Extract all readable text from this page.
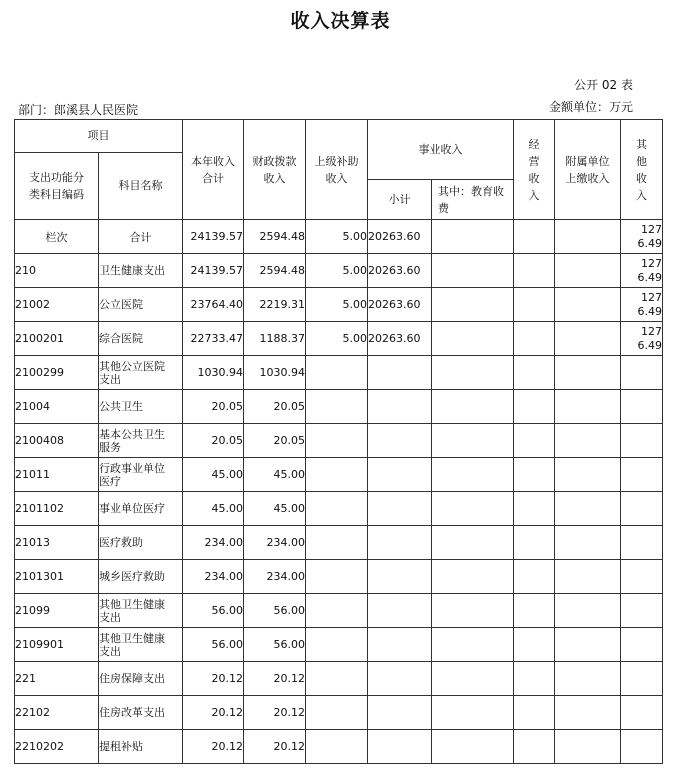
收入决算表
公开 02 表
部门：郎溪县人民医院	金额单位：万元
项目		本年收入合计	财政拨款收入	上级补助收入	事业收入		经营收入	附属单位上缴收入	其他收入

支出功能分类科目编码	科目名称								
					小计	其中：教育收费			

栏次	合计	24139.57	2594.48	5.00	20263.60				1276.49

210	卫生健康支出	24139.57	2594.48	5.00	20263.60				1276.49

21002	公立医院	23764.40	2219.31	5.00	20263.60				1276.49

2100201	综合医院	22733.47	1188.37	5.00	20263.60				1276.49

2100299	其他公立医院支出	1030.94	1030.94						

21004	公共卫生	20.05	20.05						

2100408	基本公共卫生服务	20.05	20.05						

21011	行政事业单位医疗	45.00	45.00						

2101102	事业单位医疗	45.00	45.00						

21013	医疗救助	234.00	234.00						

2101301	城乡医疗救助	234.00	234.00						

21099	其他卫生健康支出	56.00	56.00						

2109901	其他卫生健康支出	56.00	56.00						

221	住房保障支出	20.12	20.12						

22102	住房改革支出	20.12	20.12						

2210202	提租补贴	20.12	20.12						
